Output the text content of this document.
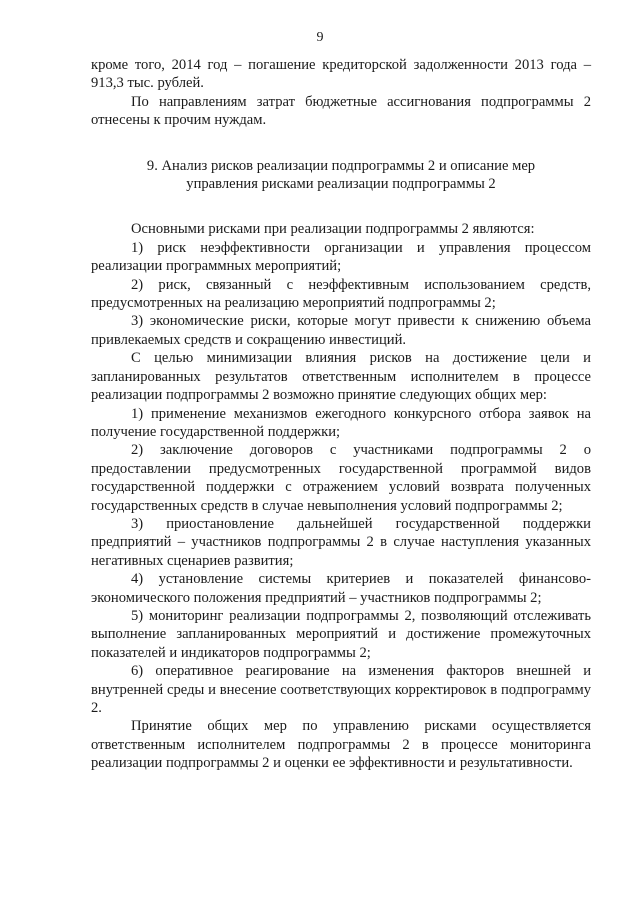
9

кроме того, 2014 год – погашение кредиторской задолженности 2013 года – 913,3 тыс. рублей.

По направлениям затрат бюджетные ассигнования подпрограммы 2 отнесены к прочим нуждам.

9. Анализ рисков реализации подпрограммы 2 и описание мер управления рисками реализации подпрограммы 2

Основными рисками при реализации подпрограммы 2 являются:

1) риск неэффективности организации и управления процессом реализации программных мероприятий;

2) риск, связанный с неэффективным использованием средств, предусмотренных на реализацию мероприятий подпрограммы 2;

3) экономические риски, которые могут привести к снижению объема привлекаемых средств и сокращению инвестиций.

С целью минимизации влияния рисков на достижение цели и запланированных результатов ответственным исполнителем в процессе реализации подпрограммы 2 возможно принятие следующих общих мер:

1) применение механизмов ежегодного конкурсного отбора заявок на получение государственной поддержки;

2) заключение договоров с участниками подпрограммы 2 о предоставлении предусмотренных государственной программой видов государственной поддержки с отражением условий возврата полученных государственных средств в случае невыполнения условий подпрограммы 2;

3) приостановление дальнейшей государственной поддержки предприятий – участников подпрограммы 2 в случае наступления указанных негативных сценариев развития;

4) установление системы критериев и показателей финансово-экономического положения предприятий – участников подпрограммы 2;

5) мониторинг реализации подпрограммы 2, позволяющий отслеживать выполнение запланированных мероприятий и достижение промежуточных показателей и индикаторов подпрограммы 2;

6) оперативное реагирование на изменения факторов внешней и внутренней среды и внесение соответствующих корректировок в подпрограмму 2.

Принятие общих мер по управлению рисками осуществляется ответственным исполнителем подпрограммы 2 в процессе мониторинга реализации подпрограммы 2 и оценки ее эффективности и результативности.
